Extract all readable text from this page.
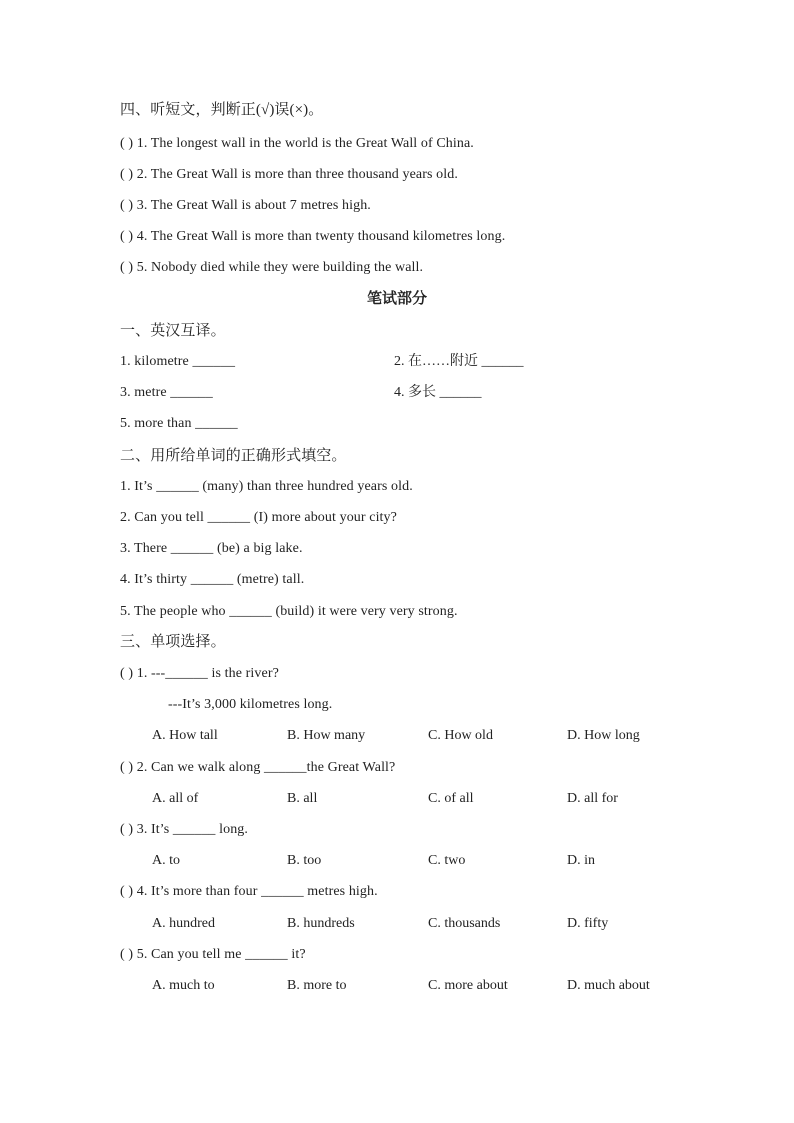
四、听短文，判断正(√)误(×)。
( ) 1. The longest wall in the world is the Great Wall of China.
( ) 2. The Great Wall is more than three thousand years old.
( ) 3. The Great Wall is about 7 metres high.
( ) 4. The Great Wall is more than twenty thousand kilometres long.
( ) 5. Nobody died while they were building the wall.
笔试部分
一、英汉互译。
1. kilometre ______	2. 在……附近 ______
3. metre ______	4. 多长 ______
5. more than ______
二、用所给单词的正确形式填空。
1. It’s ______ (many) than three hundred years old.
2. Can you tell ______ (I) more about your city?
3. There ______ (be) a big lake.
4. It’s thirty ______ (metre) tall.
5. The people who ______ (build) it were very very strong.
三、单项选择。
( ) 1. ---______ is the river?
---It’s 3,000 kilometres long.
A. How tall	B. How many	C. How old	D. How long
( ) 2. Can we walk along ______the Great Wall?
A. all of	B. all	C. of all	D. all for
( ) 3. It’s ______ long.
A. to	B. too	C. two	D. in
( ) 4. It’s more than four ______ metres high.
A. hundred	B. hundreds	C. thousands	D. fifty
( ) 5. Can you tell me ______ it?
A. much to	B. more to	C. more about	D. much about
